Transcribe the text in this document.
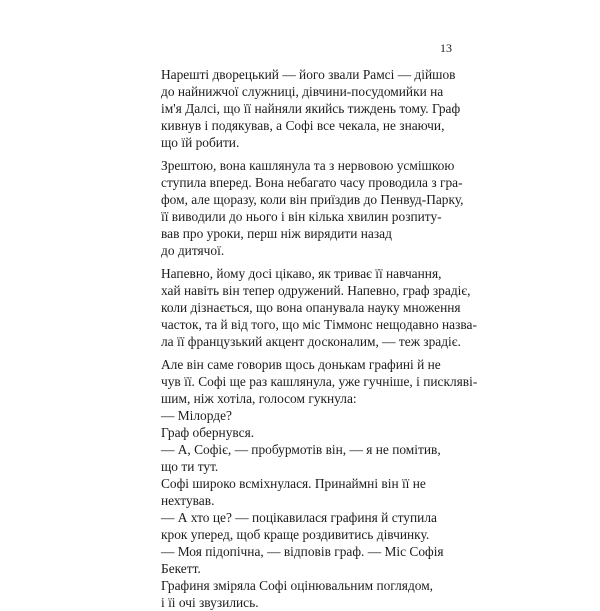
13

Нарешті дворецький — його звали Рамсі — дійшов
до найнижчої служниці, дівчини-посудомийки на
ім'я Далсі, що її найняли якийсь тиждень тому. Граф
кивнув і подякував, а Софі все чекала, не знаючи,
що їй робити.

Зрештою, вона кашлянула та з нервовою усмішкою
ступила вперед. Вона небагато часу проводила з гра-
фом, але щоразу, коли він приїздив до Пенвуд-Парку,
її виводили до нього і він кілька хвилин розпиту-
вав про уроки, перш ніж вирядити назад
до дитячої.

Напевно, йому досі цікаво, як триває її навчання,
хай навіть він тепер одружений. Напевно, граф зрадіє,
коли дізнається, що вона опанувала науку множення
часток, та й від того, що міс Тіммонс нещодавно назва-
ла її французький акцент досконалим, — теж зрадіє.

Але він саме говорив щось донькам графині й не
чув її. Софі ще раз кашлянула, уже гучніше, і пискляві-
шим, ніж хотіла, голосом гукнула:

— Мілорде?

Граф обернувся.

— А, Софіє, — пробурмотів він, — я не помітив,
що ти тут.

Софі широко всміхнулася. Принаймні він її не
нехтував.

— А хто це? — поцікавилася графиня й ступила
крок уперед, щоб краще роздивитись дівчинку.

— Моя підопічна, — відповів граф. — Міс Софія
Бекетт.

Графиня зміряла Софі оцінювальним поглядом,
і їі очі звузились.
